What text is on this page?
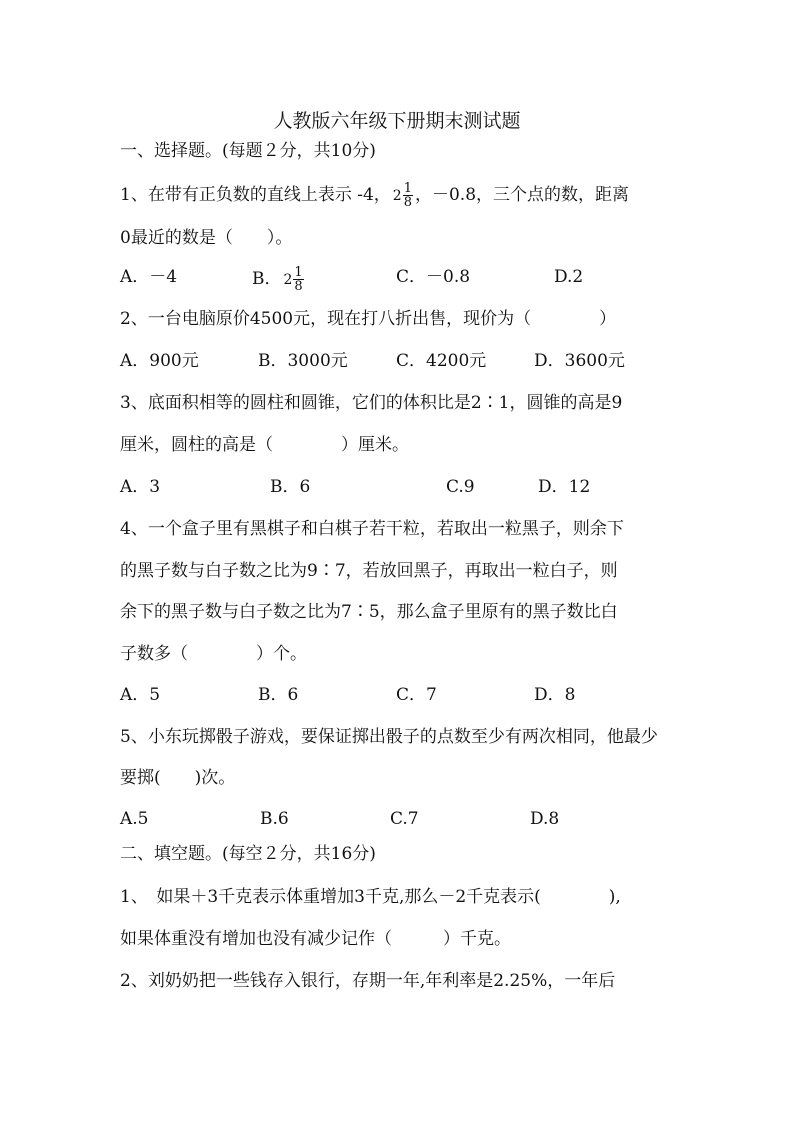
人教版六年级下册期末测试题
一、选择题。(每题２分，共10分)
1、在带有正负数的直线上表示 -4， $2 \frac{1}{8}$ ，－0.8，三个点的数，距离
0最近的数是（　　）。
A．－4	B． $2 \frac{1}{8}$	C．－0.8	D.2
2、一台电脑原价4500元，现在打八折出售，现价为（　　　　）
A．900元	B．3000元	C．4200元	D．3600元
3、底面积相等的圆柱和圆锥，它们的体积比是2∶1，圆锥的高是9
厘米，圆柱的高是（　　　　）厘米。
A．3	B．6	C.9	D．12
4、一个盒子里有黑棋子和白棋子若干粒，若取出一粒黑子，则余下
的黑子数与白子数之比为9∶7，若放回黑子，再取出一粒白子，则
余下的黑子数与白子数之比为7∶5，那么盒子里原有的黑子数比白
子数多（　　　　）个。
A．5	B．6	C．7	D．8
5、小东玩掷骰子游戏，要保证掷出骰子的点数至少有两次相同，他最少
要掷(　　)次。
A.5	B.6	C.7	D.8
二、填空题。(每空２分，共16分)
1、　如果＋3千克表示体重增加3千克,那么－2千克表示(　　　　),
如果体重没有增加也没有减少记作（　　　）千克。
2、刘奶奶把一些钱存入银行，存期一年,年利率是2.25%，一年后
